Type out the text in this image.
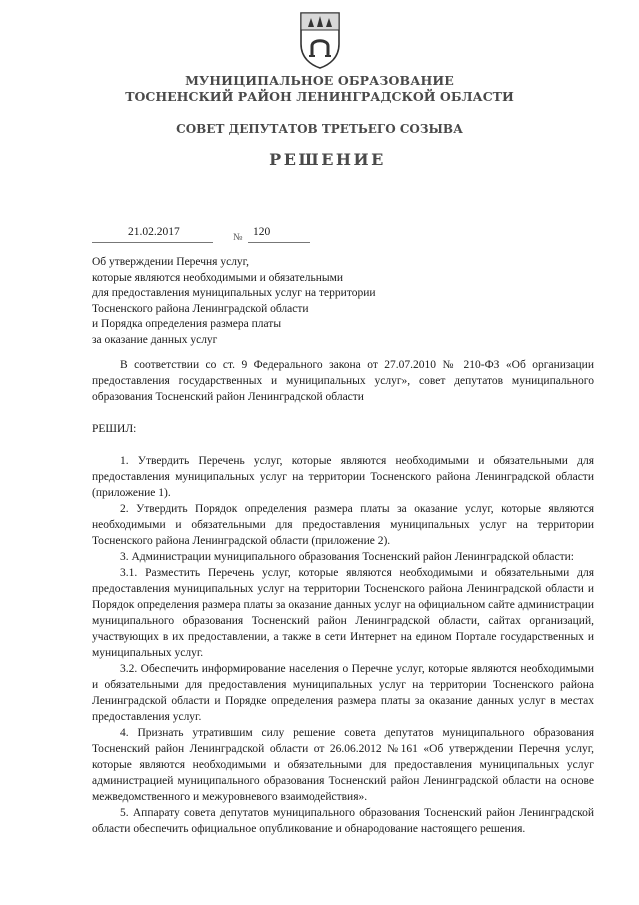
МУНИЦИПАЛЬНОЕ ОБРАЗОВАНИЕ
ТОСНЕНСКИЙ РАЙОН ЛЕНИНГРАДСКОЙ ОБЛАСТИ
СОВЕТ ДЕПУТАТОВ ТРЕТЬЕГО СОЗЫВА
РЕШЕНИЕ
21.02.2017	№ 120
Об утверждении Перечня услуг,
которые являются необходимыми и обязательными
для предоставления муниципальных услуг на территории
Тосненского района Ленинградской области
и Порядка определения размера платы
за оказание данных услуг

В соответствии со ст. 9 Федерального закона от 27.07.2010 № 210-ФЗ «Об организации предоставления государственных и муниципальных услуг», совет депутатов муниципального образования Тосненский район Ленинградской области

РЕШИЛ:

1. Утвердить Перечень услуг, которые являются необходимыми и обязательными для предоставления муниципальных услуг на территории Тосненского района Ленинградской области (приложение 1).

2. Утвердить Порядок определения размера платы за оказание услуг, которые являются необходимыми и обязательными для предоставления муниципальных услуг на территории Тосненского района Ленинградской области (приложение 2).

3. Администрации муниципального образования Тосненский район Ленинградской области:

3.1. Разместить Перечень услуг, которые являются необходимыми и обязательными для предоставления муниципальных услуг на территории Тосненского района Ленинградской области и Порядок определения размера платы за оказание данных услуг на официальном сайте администрации муниципального образования Тосненский район Ленинградской области, сайтах организаций, участвующих в их предоставлении, а также в сети Интернет на едином Портале государственных и муниципальных услуг.

3.2. Обеспечить информирование населения о Перечне услуг, которые являются необходимыми и обязательными для предоставления муниципальных услуг на территории Тосненского района Ленинградской области и Порядке определения размера платы за оказание данных услуг в местах предоставления услуг.

4. Признать утратившим силу решение совета депутатов муниципального образования Тосненский район Ленинградской области от 26.06.2012 №161 «Об утверждении Перечня услуг, которые являются необходимыми и обязательными для предоставления муниципальных услуг администрацией муниципального образования Тосненский район Ленинградской области на основе межведомственного и межуровневого взаимодействия».

5. Аппарату совета депутатов муниципального образования Тосненский район Ленинградской области обеспечить официальное опубликование и обнародование настоящего решения.
